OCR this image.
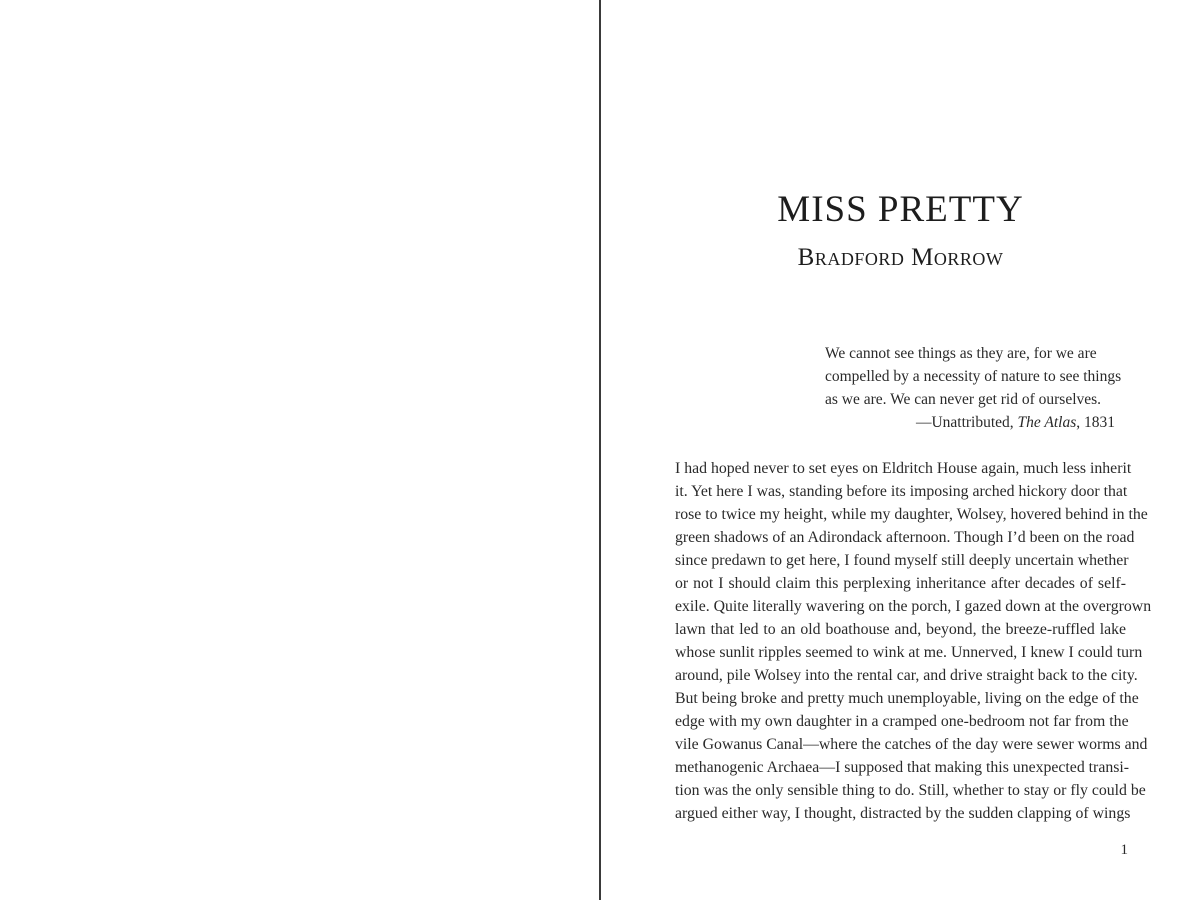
MISS PRETTY
Bradford Morrow
We cannot see things as they are, for we are
compelled by a necessity of nature to see things
as we are. We can never get rid of ourselves.
—Unattributed, The Atlas, 1831
I had hoped never to set eyes on Eldritch House again, much less inherit
it. Yet here I was, standing before its imposing arched hickory door that
rose to twice my height, while my daughter, Wolsey, hovered behind in the
green shadows of an Adirondack afternoon. Though I’d been on the road
since predawn to get here, I found myself still deeply uncertain whether
or not I should claim this perplexing inheritance after decades of self-
exile. Quite literally wavering on the porch, I gazed down at the overgrown
lawn that led to an old boathouse and, beyond, the breeze-ruffled lake
whose sunlit ripples seemed to wink at me. Unnerved, I knew I could turn
around, pile Wolsey into the rental car, and drive straight back to the city.
But being broke and pretty much unemployable, living on the edge of the
edge with my own daughter in a cramped one-bedroom not far from the
vile Gowanus Canal—where the catches of the day were sewer worms and
methanogenic Archaea—I supposed that making this unexpected transi-
tion was the only sensible thing to do. Still, whether to stay or fly could be
argued either way, I thought, distracted by the sudden clapping of wings
1
